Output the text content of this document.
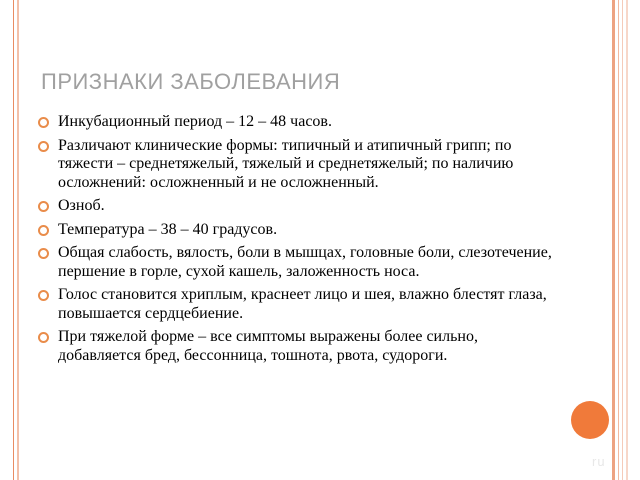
ПРИЗНАКИ ЗАБОЛЕВАНИЯ
Инкубационный период – 12 – 48 часов.
Различают клинические формы: типичный и атипичный грипп; по тяжести – среднетяжелый, тяжелый и среднетяжелый; по наличию осложнений: осложненный и не осложненный.
Озноб.
Температура – 38 – 40 градусов.
Общая слабость, вялость, боли в мышцах, головные боли, слезотечение, першение в горле, сухой кашель, заложенность носа.
Голос становится хриплым, краснеет лицо и шея, влажно блестят глаза, повышается сердцебиение.
При тяжелой форме – все симптомы выражены более сильно, добавляется бред, бессонница, тошнота, рвота, судороги.
ru
